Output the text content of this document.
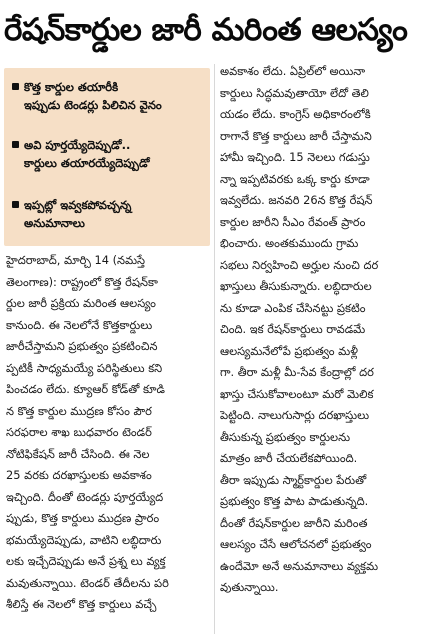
రేషన్‌కార్డుల జారీ మరింత ఆలస్యం
కొత్త కార్డుల తయారీకి
ఇప్పుడు టెండర్లు పిలిచిన వైనం
అవి పూర్తయ్యేదెప్పుడో..
కార్డులు తయారయ్యేదెప్పుడో
ఇప్పట్లో ఇవ్వకపోవచ్చన్న
అనుమానాలు
హైదరాబాద్, మార్చి 14 (నమస్తే
తెలంగాణ): రాష్ట్రంలో కొత్త రేషన్‌కా
ర్డుల జారీ ప్రక్రియ మరింత ఆలస్యం
కానుంది. ఈ నెలలోనే కొత్తకార్డులు
జారీచేస్తామని ప్రభుత్వం ప్రకటించిన
ప్పటికీ సాధ్యమయ్యే పరిస్థితులు కని
పించడం లేదు. క్యూఆర్ కోడ్‌తో కూడి
న కొత్త కార్డుల ముద్రణ కోసం పౌర
సరఫరాల శాఖ బుధవారం టెండర్
నోటిఫికేషన్ జారీ చేసింది. ఈ నెల
25 వరకు దరఖాస్తులకు అవకాశం
ఇచ్చింది. దీంతో టెండర్లు పూర్తయ్యేద
ప్పుడు, కొత్త కార్డులు ముద్రణ ప్రారం
భమయ్యేదెప్పుడు, వాటిని లబ్ధిదారు
లకు ఇచ్చేదెప్పుడు అనే ప్రశ్న లు వ్యక్త
మవుతున్నాయి. టెండర్ తేదీలను పరి
శీలిస్తే ఈ నెలలో కొత్త కార్డులు వచ్చే
అవకాశం లేదు. ఏప్రిల్‌లో అయినా
కార్డులు సిద్ధమవుతాయో లేదో తెలి
యడం లేదు. కాంగ్రెస్ అధికారంలోకి
రాగానే కొత్త కార్డులు జారీ చేస్తామని
హామీ ఇచ్చింది. 15 నెలలు గడుస్తు
న్నా ఇప్పటివరకు ఒక్క కార్డు కూడా
ఇవ్వలేదు. జనవరి 26న కొత్త రేషన్
కార్డుల జారీని సీఎం రేవంత్ ప్రారం
భించారు. అంతకుముందు గ్రామ
సభలు నిర్వహించి అర్హుల నుంచి దర
ఖాస్తులు తీసుకున్నారు. లబ్ధిదారుల
ను కూడా ఎంపిక చేసినట్టు ప్రకటిం
చింది. ఇక రేషన్‌కార్డులు రావడమే
ఆలస్యమనేలోపే ప్రభుత్వం మళ్లీ
గా. తీరా మళ్లీ మీ-సేవ కేంద్రాల్లో దర
ఖాస్తు చేసుకోవాలంటూ మరో మెలిక
పెట్టింది. నాలుగుసార్లు దరఖాస్తులు
తీసుకున్న ప్రభుత్వం కార్డులను
మాత్రం జారీ చేయలేకపోయింది.
తీరా ఇప్పుడు స్మార్ట్‌కార్డుల పేరుతో
ప్రభుత్వం కొత్త పాట పాడుతున్నది.
దీంతో రేషన్‌కార్డుల జారీని మరింత
ఆలస్యం చేసే ఆలోచనలో ప్రభుత్వం
ఉందేమో అనే అనుమానాలు వ్యక్తమ
వుతున్నాయి.
